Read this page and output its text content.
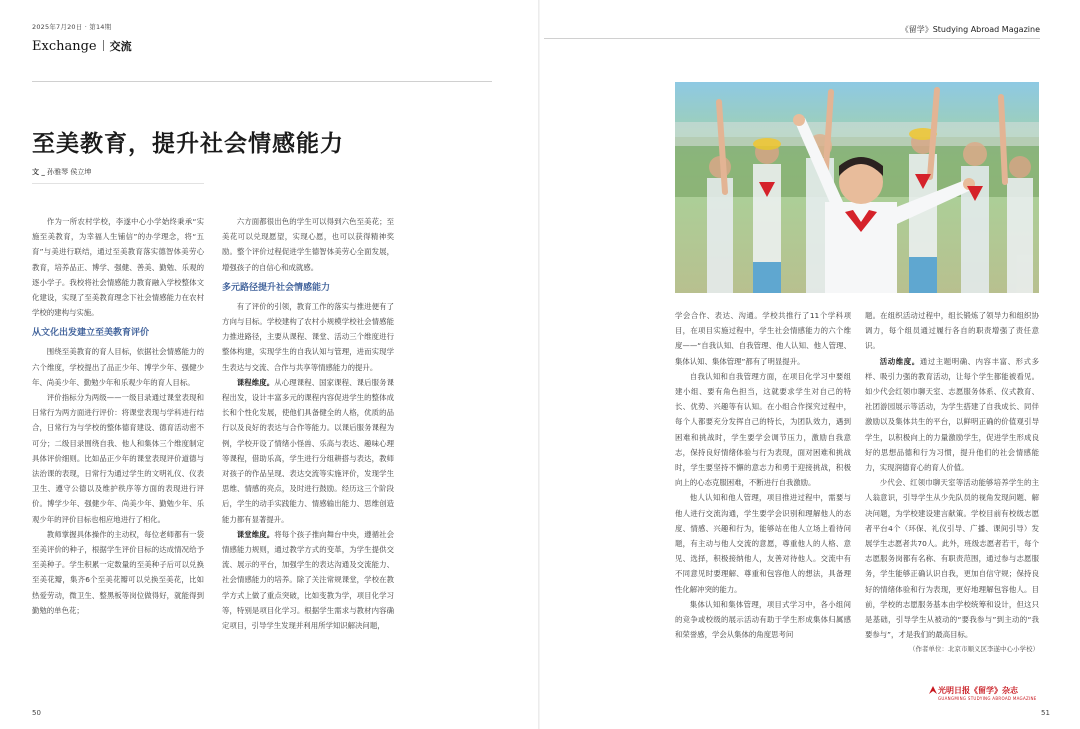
2025年7月20日 · 第14期
Exchange 交流
至美教育，提升社会情感能力
文 _ 孙雅琴 侯立坤

作为一所农村学校，李遂中心小学始终秉承“实施至美教育，为幸福人生铺信”的办学理念，将“五育”与美进行联结，通过至美教育落实德智体美劳心教育，培养品正、博学、强健、善美、勤勉、乐观的逐小学子。我校将社会情感能力教育融入学校整体文化建设，实现了至美教育理念下社会情感能力在农村学校的建构与实施。

从文化出发建立至美教育评价

围绕至美教育的育人目标，依据社会情感能力的六个维度，学校提出了品正少年、博学少年、强健少年、尚美少年、勤勉少年和乐观少年的育人目标。

评价指标分为两级——一级目录通过课堂表现和日常行为两方面进行评价：将课堂表现与学科进行结合，日常行为与学校的整体德育建设、德育活动密不可分；二级目录围绕自我、他人和集体三个维度制定具体评价细则。比如品正少年的课堂表现评价道德与法治课的表现，日常行为通过学生的文明礼仪、仪表卫生、遵守公德以及维护秩序等方面的表现进行评价。博学少年、强健少年、尚美少年、勤勉少年、乐观少年的评价目标也相应地进行了相化。

教师掌握具体操作的主动权，每位老师都有一袋至美评价的种子，根据学生评价目标的达成情况给予至美种子。学生积累一定数量的至美种子后可以兑换至美花瓣，集齐6个至美花瓣可以兑换至美花，比如热爱劳动，微卫生、整黑板等岗位做得好，就能得到勤勉的单色花；

六方面都很出色的学生可以得到六色至美花；至美花可以兑现愿望，实现心愿，也可以获得精神奖励。整个评价过程促进学生德智体美劳心全面发展，增强孩子的自信心和成就感。

多元路径提升社会情感能力

有了评价的引领，教育工作的落实与推进便有了方向与目标。学校建构了农村小规模学校社会情感能力推进路径，主要从课程、课堂、活动三个维度进行整体构建，实现学生的自我认知与管理，进而实现学生表达与交流、合作与共享等情感能力的提升。

课程维度。从心理课程、国家课程、课后服务课程出发，设计丰富多元的课程内容促进学生的整体成长和个性化发展，使他们具备健全的人格，优质的品行以及良好的表达与合作等能力。以课后服务课程为例，学校开设了情绪小怪兽、乐高与表达、趣味心理等课程，借助乐高，学生进行分组耕搭与表达，教师对孩子的作品呈现、表达交流等实施评价，发现学生思维、情感的亮点，及时进行鼓励。经历这三个阶段后，学生的动手实践能力、情感输出能力、思维创造能力都有显著提升。

课堂维度。将每个孩子推向舞台中央，遵循社会情感能力规则，通过教学方式的变革，为学生提供交流、展示的平台，加强学生的表达沟通及交流能力、社会情感能力的培养。除了关注常规课堂，学校在教学方式上做了重点突破，比如变教为学，项目化学习等，特别是项目化学习。根据学生需求与教材内容确定项目，引导学生发现并利用所学知识解决问题，

50
《留学》Studying Abroad Magazine

学会合作、表达、沟通。学校共推行了11个学科项目，在项目实施过程中，学生社会情感能力的六个维度——“自我认知、自我管理、他人认知、他人管理、集体认知、集体管理”都有了明显提升。

自我认知和自我管理方面，在项目化学习中要组建小组、要有角色担当，这就要求学生对自己的特长、优势、兴趣等有认知。在小组合作探究过程中，每个人都要充分发挥自己的特长，为团队效力，遇到困难和挑战时，学生要学会调节压力，激励自我意志，保持良好情绪体验与行为表现，面对困难和挑战时，学生要坚持不懈的意志力和勇于迎接挑战，积极向上的心态克服困难，不断进行自我激励。

他人认知和他人管理，项目推进过程中，需要与他人进行交流沟通，学生要学会识别和理解他人的态度、情感、兴趣和行为，能够站在他人立场上看待问题，有主动与他人交流的意愿，尊重他人的人格、意见、选择，积极接纳他人，友善对待他人。交流中有不同意见时要理解、尊重和包容他人的想法，具备理性化解冲突的能力。

集体认知和集体管理，项目式学习中，各小组间的竞争或校级的展示活动有助于学生形成集体归属感和荣誉感，学会从集体的角度思考问

题。在组织活动过程中，组长锻炼了领导力和组织协调力，每个组员通过履行各自的职责增强了责任意识。

活动维度。通过主题明确、内容丰富、形式多样、吸引力强的教育活动，让每个学生都能被看见。如少代会红领巾聊天室、志愿服务体系、仪式教育、社团游园展示等活动，为学生搭建了自我成长、同伴激励以及集体共生的平台，以鲜明正确的价值观引导学生，以积极向上的力量激励学生，促进学生形成良好的思想品德和行为习惯，提升他们的社会情感能力，实现润德育心的育人价值。

少代会、红领巾聊天室等活动能够培养学生的主人翁意识，引导学生从少先队员的视角发现问题、解决问题，为学校建设建言献策。学校目前有校级志愿者平台4个（环保、礼仪引导、广播、课间引导）发展学生志愿者共70人。此外，班级志愿者若干，每个志愿服务岗都有名称、有职责范围，通过参与志愿服务，学生能够正确认识自我，更加自信守规；保持良好的情绪体验和行为表现，更好地理解包容他人。目前，学校的志愿服务基本由学校统筹和设计，但这只是基础，引导学生从被动的“要我参与”到主动的“我要参与”，才是我们的最高目标。

（作者单位：北京市顺义区李遂中心小学校）

光明日报《留学》杂志
GUANGMING STUDYING ABROAD MAGAZINE
51
